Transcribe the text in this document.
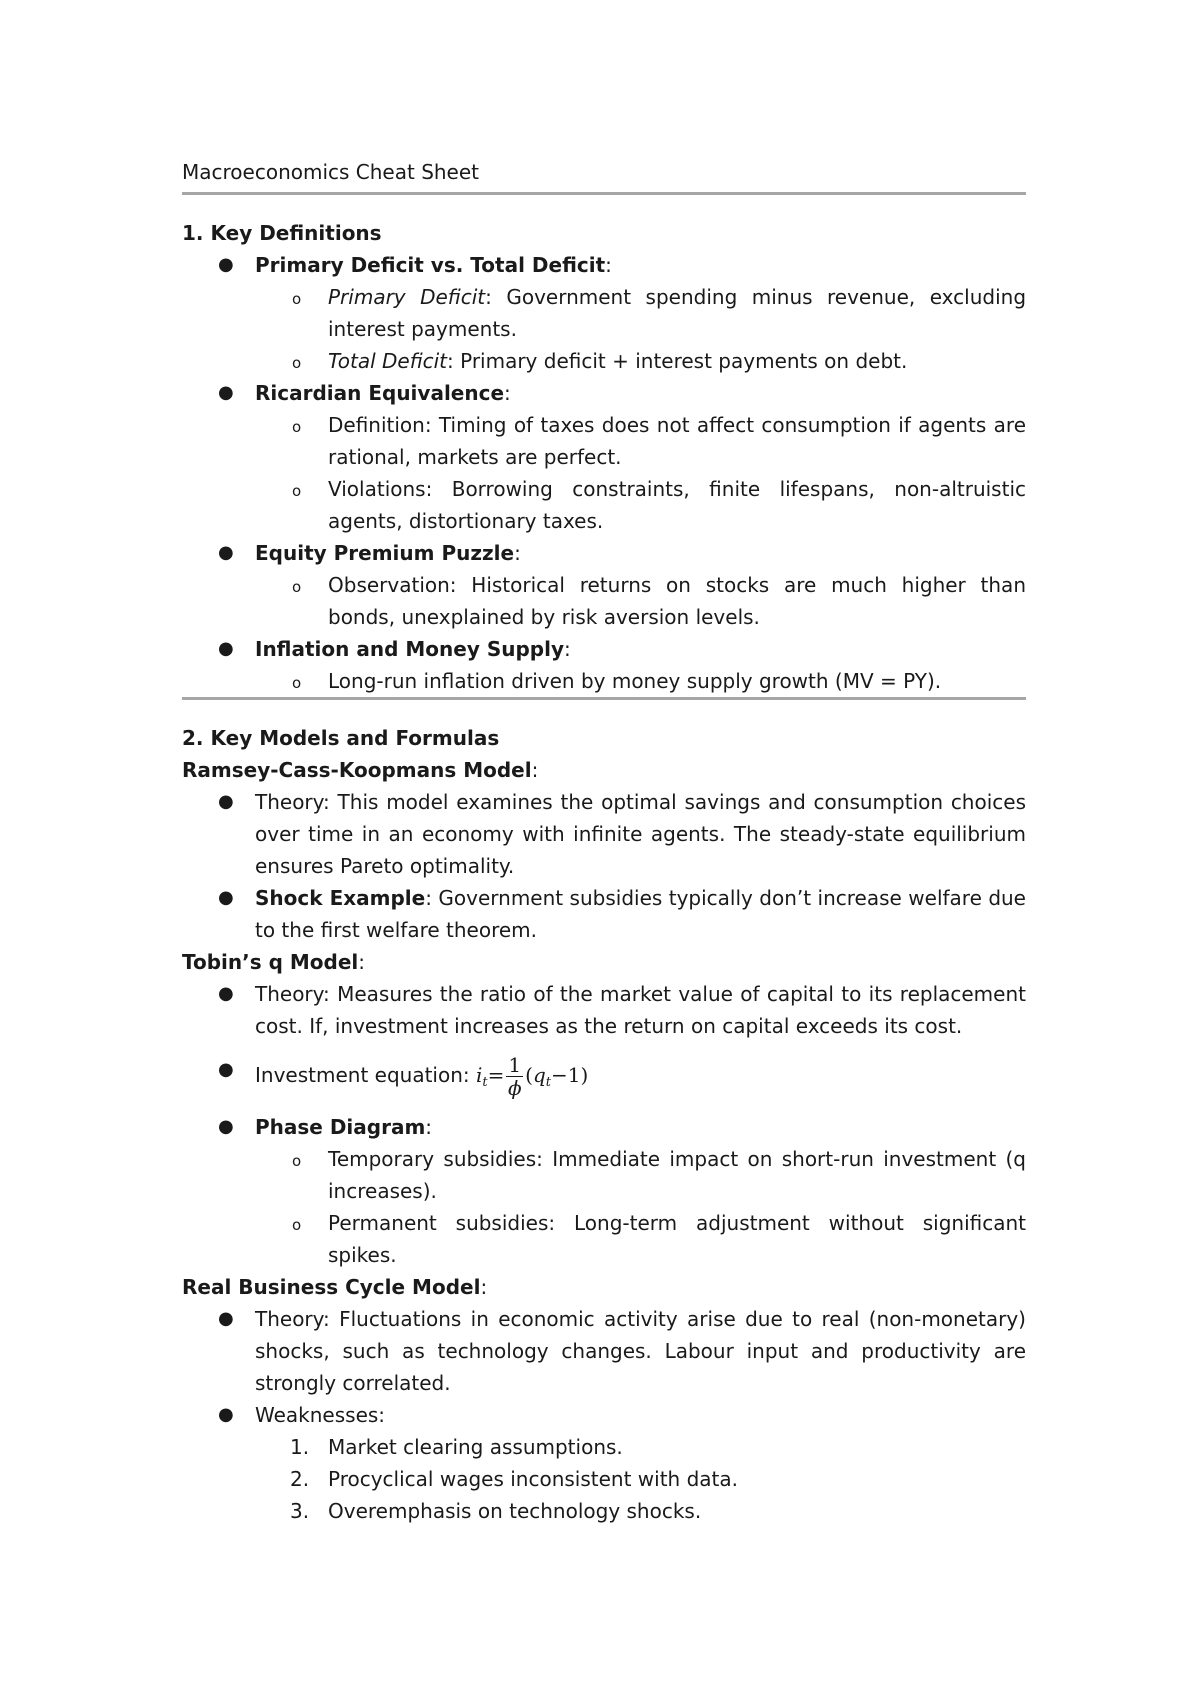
Macroeconomics Cheat Sheet
1. Key Definitions
● Primary Deficit vs. Total Deficit:
o Primary Deficit: Government spending minus revenue, excluding interest payments.
o Total Deficit: Primary deficit + interest payments on debt.
● Ricardian Equivalence:
o Definition: Timing of taxes does not affect consumption if agents are rational, markets are perfect.
o Violations: Borrowing constraints, finite lifespans, non-altruistic agents, distortionary taxes.
● Equity Premium Puzzle:
o Observation: Historical returns on stocks are much higher than bonds, unexplained by risk aversion levels.
● Inflation and Money Supply:
o Long-run inflation driven by money supply growth (MV = PY).
2. Key Models and Formulas
Ramsey-Cass-Koopmans Model:
● Theory: This model examines the optimal savings and consumption choices over time in an economy with infinite agents. The steady-state equilibrium ensures Pareto optimality.
● Shock Example: Government subsidies typically don’t increase welfare due to the first welfare theorem.
Tobin’s q Model:
● Theory: Measures the ratio of the market value of capital to its replacement cost. If, investment increases as the return on capital exceeds its cost.
● Investment equation: $i_t= \frac{1}{\phi} (q_t-1)$
● Phase Diagram:
o Temporary subsidies: Immediate impact on short-run investment (q increases).
o Permanent subsidies: Long-term adjustment without significant spikes.
Real Business Cycle Model:
● Theory: Fluctuations in economic activity arise due to real (non-monetary) shocks, such as technology changes. Labour input and productivity are strongly correlated.
● Weaknesses:
1. Market clearing assumptions.
2. Procyclical wages inconsistent with data.
3. Overemphasis on technology shocks.
